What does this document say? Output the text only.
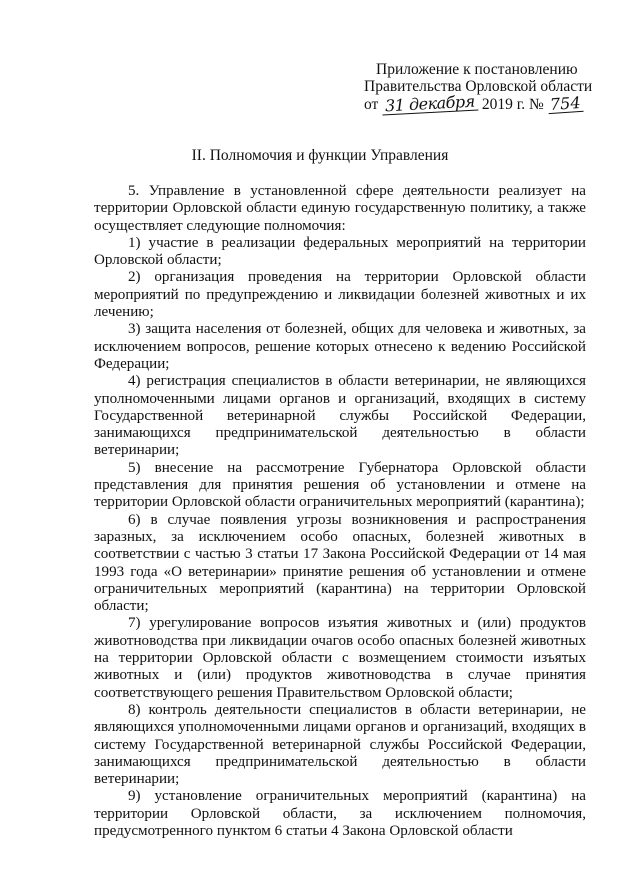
Приложение к постановлению
Правительства Орловской области
от 31 декабря 2019 г. № 754
II. Полномочия и функции Управления

5. Управление в установленной сфере деятельности реализует на территории Орловской области единую государственную политику, а также осуществляет следующие полномочия:

1) участие в реализации федеральных мероприятий на территории Орловской области;

2) организация проведения на территории Орловской области мероприятий по предупреждению и ликвидации болезней животных и их лечению;

3) защита населения от болезней, общих для человека и животных, за исключением вопросов, решение которых отнесено к ведению Российской Федерации;

4) регистрация специалистов в области ветеринарии, не являющихся уполномоченными лицами органов и организаций, входящих в систему Государственной ветеринарной службы Российской Федерации, занимающихся предпринимательской деятельностью в области ветеринарии;

5) внесение на рассмотрение Губернатора Орловской области представления для принятия решения об установлении и отмене на территории Орловской области ограничительных мероприятий (карантина);

6) в случае появления угрозы возникновения и распространения заразных, за исключением особо опасных, болезней животных в соответствии с частью 3 статьи 17 Закона Российской Федерации от 14 мая 1993 года «О ветеринарии» принятие решения об установлении и отмене ограничительных мероприятий (карантина) на территории Орловской области;

7) урегулирование вопросов изъятия животных и (или) продуктов животноводства при ликвидации очагов особо опасных болезней животных на территории Орловской области с возмещением стоимости изъятых животных и (или) продуктов животноводства в случае принятия соответствующего решения Правительством Орловской области;

8) контроль деятельности специалистов в области ветеринарии, не являющихся уполномоченными лицами органов и организаций, входящих в систему Государственной ветеринарной службы Российской Федерации, занимающихся предпринимательской деятельностью в области ветеринарии;

9) установление ограничительных мероприятий (карантина) на территории Орловской области, за исключением полномочия, предусмотренного пунктом 6 статьи 4 Закона Орловской области
